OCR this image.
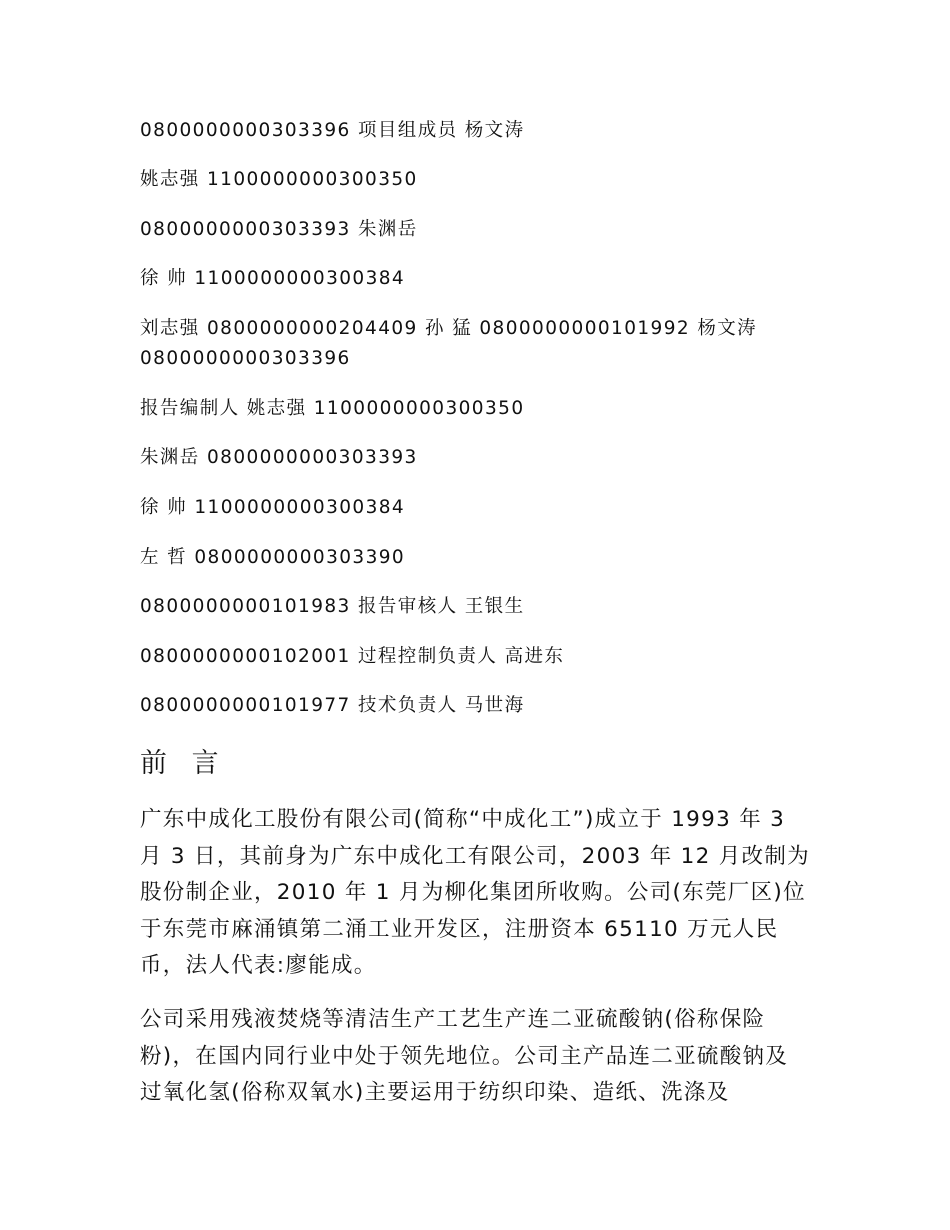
0800000000303396 项目组成员 杨文涛
姚志强 1100000000300350
0800000000303393 朱渊岳
徐 帅 1100000000300384
刘志强 0800000000204409 孙 猛 0800000000101992 杨文涛
0800000000303396
报告编制人 姚志强 1100000000300350
朱渊岳 0800000000303393
徐 帅 1100000000300384
左 哲 0800000000303390
0800000000101983 报告审核人 王银生
0800000000102001 过程控制负责人 高进东
0800000000101977 技术负责人 马世海
前 言
广东中成化工股份有限公司(简称“中成化工”)成立于 1993 年 3 月 3 日，其前身为广东中成化工有限公司，2003 年 12 月改制为股份制企业，2010 年 1 月为柳化集团所收购。公司(东莞厂区)位于东莞市麻涌镇第二涌工业开发区，注册资本 65110 万元人民币，法人代表:廖能成。
公司采用残液焚烧等清洁生产工艺生产连二亚硫酸钠(俗称保险粉)，在国内同行业中处于领先地位。公司主产品连二亚硫酸钠及过氧化氢(俗称双氧水)主要运用于纺织印染、造纸、洗涤及
